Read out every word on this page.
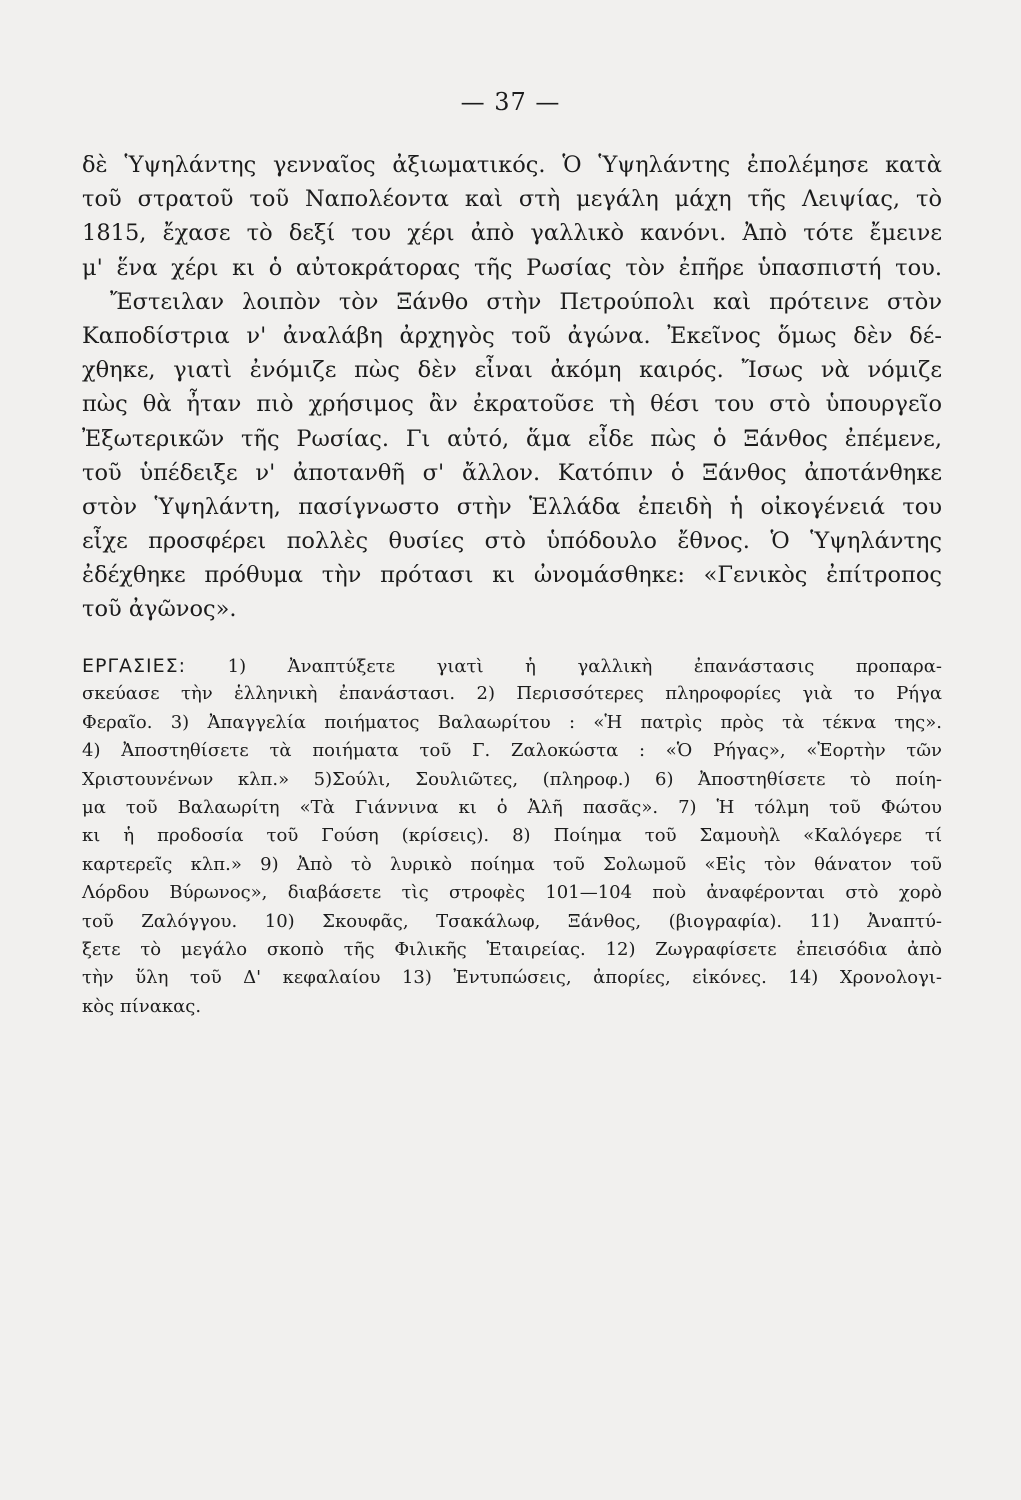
— 37 —
δὲ Ὑψηλάντης γενναῖος ἀξιωματικός. Ὁ Ὑψηλάντης ἐπολέμησε κατὰ
τοῦ στρατοῦ τοῦ Ναπολέοντα καὶ στὴ μεγάλη μάχη τῆς Λειψίας, τὸ
1815, ἔχασε τὸ δεξί του χέρι ἀπὸ γαλλικὸ κανόνι. Ἀπὸ τότε ἔμεινε
μ' ἕνα χέρι κι ὁ αὐτοκράτορας τῆς Ρωσίας τὸν ἐπῆρε ὑπασπιστή του.
Ἔστειλαν λοιπὸν τὸν Ξάνθο στὴν Πετρούπολι καὶ πρότεινε στὸν
Καποδίστρια ν' ἀναλάβη ἀρχηγὸς τοῦ ἀγώνα. Ἐκεῖνος ὅμως δὲν δέ-
χθηκε, γιατὶ ἐνόμιζε πὼς δὲν εἶναι ἀκόμη καιρός. Ἴσως νὰ νόμιζε
πὼς θὰ ἦταν πιὸ χρήσιμος ἂν ἐκρατοῦσε τὴ θέσι του στὸ ὑπουργεῖο
Ἐξωτερικῶν τῆς Ρωσίας. Γι αὐτό, ἅμα εἶδε πὼς ὁ Ξάνθος ἐπέμενε,
τοῦ ὑπέδειξε ν' ἀποτανθῆ σ' ἄλλον. Κατόπιν ὁ Ξάνθος ἀποτάνθηκε
στὸν Ὑψηλάντη, πασίγνωστο στὴν Ἑλλάδα ἐπειδὴ ἡ οἰκογένειά του
εἶχε προσφέρει πολλὲς θυσίες στὸ ὑπόδουλο ἔθνος. Ὁ Ὑψηλάντης
ἐδέχθηκε πρόθυμα τὴν πρότασι κι ὠνομάσθηκε: «Γενικὸς ἐπίτροπος
τοῦ ἀγῶνος».
ΕΡΓΑΣΙΕΣ: 1) Ἀναπτύξετε γιατὶ ἡ γαλλικὴ ἐπανάστασις προπαρα-
σκεύασε τὴν ἑλληνικὴ ἐπανάστασι. 2) Περισσότερες πληροφορίες γιὰ το Ρήγα
Φεραῖο. 3) Ἀπαγγελία ποιήματος Βαλαωρίτου : «Ἡ πατρὶς πρὸς τὰ τέκνα της».
4) Ἀποστηθίσετε τὰ ποιήματα τοῦ Γ. Ζαλοκώστα : «Ὁ Ρήγας», «Ἑορτὴν τῶν
Χριστουνένων κλπ.» 5)Σούλι, Σουλιῶτες, (πληροφ.) 6) Ἀποστηθίσετε τὸ ποίη-
μα τοῦ Βαλαωρίτη «Τὰ Γιάννινα κι ὁ Ἀλῆ πασᾶς». 7) Ἡ τόλμη τοῦ Φώτου
κι ἡ προδοσία τοῦ Γούση (κρίσεις). 8) Ποίημα τοῦ Σαμουὴλ «Καλόγερε τί
καρτερεῖς κλπ.» 9) Ἀπὸ τὸ λυρικὸ ποίημα τοῦ Σολωμοῦ «Εἰς τὸν θάνατον τοῦ
Λόρδου Βύρωνος», διαβάσετε τὶς στροφὲς 101—104 ποὺ ἀναφέρονται στὸ χορὸ
τοῦ Ζαλόγγου. 10) Σκουφᾶς, Τσακάλωφ, Ξάνθος, (βιογραφία). 11) Ἀναπτύ-
ξετε τὸ μεγάλο σκοπὸ τῆς Φιλικῆς Ἑταιρείας. 12) Ζωγραφίσετε ἐπεισόδια ἀπὸ
τὴν ὕλη τοῦ Δ' κεφαλαίου 13) Ἐντυπώσεις, ἀπορίες, εἰκόνες. 14) Χρονολογι-
κὸς πίνακας.
